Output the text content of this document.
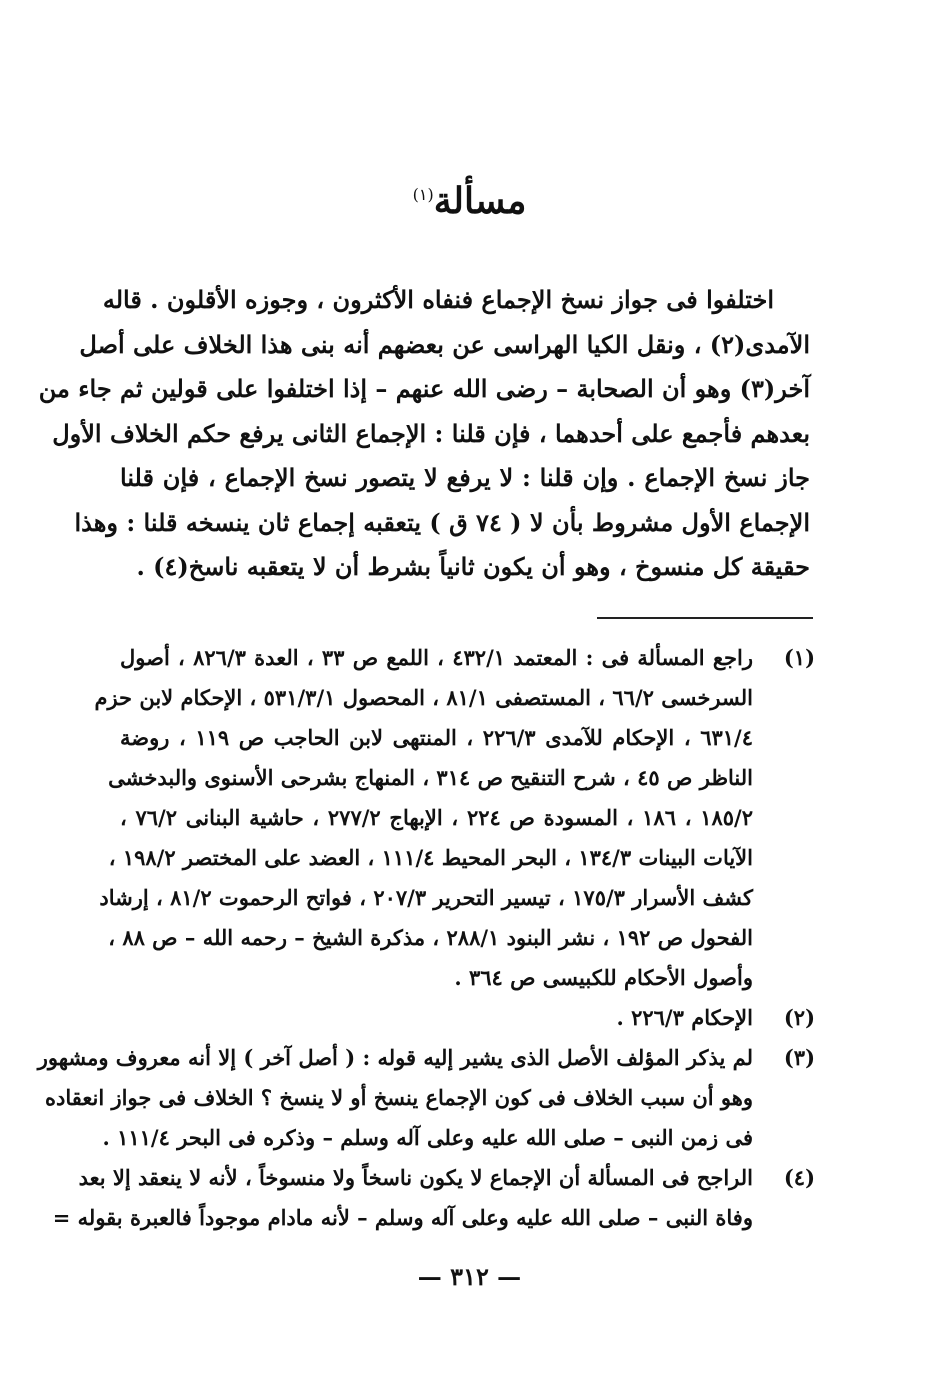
مسألة$^{(١)}$
اختلفوا فى جواز نسخ الإجماع فنفاه الأكثرون ، وجوزه الأقلون . قاله
الآمدى(٢) ، ونقل الكيا الهراسى عن بعضهم أنه بنى هذا الخلاف على أصل
آخر(٣) وهو أن الصحابة – رضى الله عنهم – إذا اختلفوا على قولين ثم جاء من
بعدهم فأجمع على أحدهما ، فإن قلنا : الإجماع الثانى يرفع حكم الخلاف الأول
جاز نسخ الإجماع . وإن قلنا : لا يرفع لا يتصور نسخ الإجماع ، فإن قلنا
الإجماع الأول مشروط بأن لا ( ٧٤ ق ) يتعقبه إجماع ثان ينسخه قلنا : وهذا
حقيقة كل منسوخ ، وهو أن يكون ثانياً بشرط أن لا يتعقبه ناسخ(٤) .
(١)
راجع المسألة فى : المعتمد ٤٣٢/١ ، اللمع ص ٣٣ ، العدة ٨٢٦/٣ ، أصول
السرخسى ٦٦/٢ ، المستصفى ٨١/١ ، المحصول ٥٣١/٣/١ ، الإحكام لابن حزم
٦٣١/٤ ، الإحكام للآمدى ٢٢٦/٣ ، المنتهى لابن الحاجب ص ١١٩ ، روضة
الناظر ص ٤٥ ، شرح التنقيح ص ٣١٤ ، المنهاج بشرحى الأسنوى والبدخشى
١٨٥/٢ ، ١٨٦ ، المسودة ص ٢٢٤ ، الإبهاج ٢٧٧/٢ ، حاشية البنانى ٧٦/٢ ،
الآيات البينات ١٣٤/٣ ، البحر المحيط ١١١/٤ ، العضد على المختصر ١٩٨/٢ ،
كشف الأسرار ١٧٥/٣ ، تيسير التحرير ٢٠٧/٣ ، فواتح الرحموت ٨١/٢ ، إرشاد
الفحول ص ١٩٢ ، نشر البنود ٢٨٨/١ ، مذكرة الشيخ – رحمه الله – ص ٨٨ ،
وأصول الأحكام للكبيسى ص ٣٦٤ .
(٢)
الإحكام ٢٢٦/٣ .
(٣)
لم يذكر المؤلف الأصل الذى يشير إليه قوله : ( أصل آخر ) إلا أنه معروف ومشهور
وهو أن سبب الخلاف فى كون الإجماع ينسخ أو لا ينسخ ؟ الخلاف فى جواز انعقاده
فى زمن النبى – صلى الله عليه وعلى آله وسلم – وذكره فى البحر ١١١/٤ .
(٤)
الراجح فى المسألة أن الإجماع لا يكون ناسخاً ولا منسوخاً ، لأنه لا ينعقد إلا بعد
وفاة النبى – صلى الله عليه وعلى آله وسلم – لأنه مادام موجوداً فالعبرة بقوله =
— ٣١٢ —
